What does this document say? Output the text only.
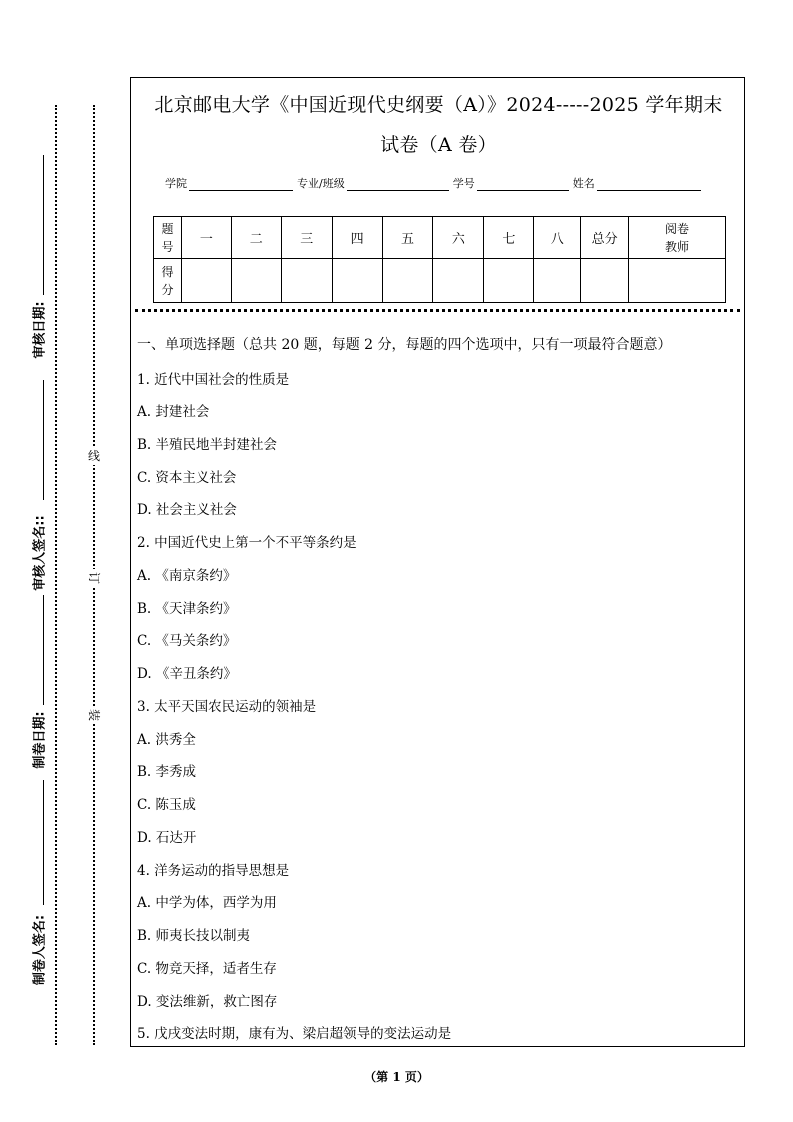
审核日期:
审核人签名::
制卷日期:
制卷人签名:
线
订
装
北京邮电大学《中国近现代史纲要（A）》2024-----2025 学年期末
试卷（A 卷）
学院	专业/班级	学号	姓名
题
号	一	二	三	四	五	六	七	八	总分	阅卷
教师
得
分										
一、单项选择题（总共 20 题，每题 2 分，每题的四个选项中，只有一项最符合题意）
1. 近代中国社会的性质是
A. 封建社会
B. 半殖民地半封建社会
C. 资本主义社会
D. 社会主义社会
2. 中国近代史上第一个不平等条约是
A. 《南京条约》
B. 《天津条约》
C. 《马关条约》
D. 《辛丑条约》
3. 太平天国农民运动的领袖是
A. 洪秀全
B. 李秀成
C. 陈玉成
D. 石达开
4. 洋务运动的指导思想是
A. 中学为体，西学为用
B. 师夷长技以制夷
C. 物竞天择，适者生存
D. 变法维新，救亡图存
5. 戊戌变法时期，康有为、梁启超领导的变法运动是
（第 1 页）
